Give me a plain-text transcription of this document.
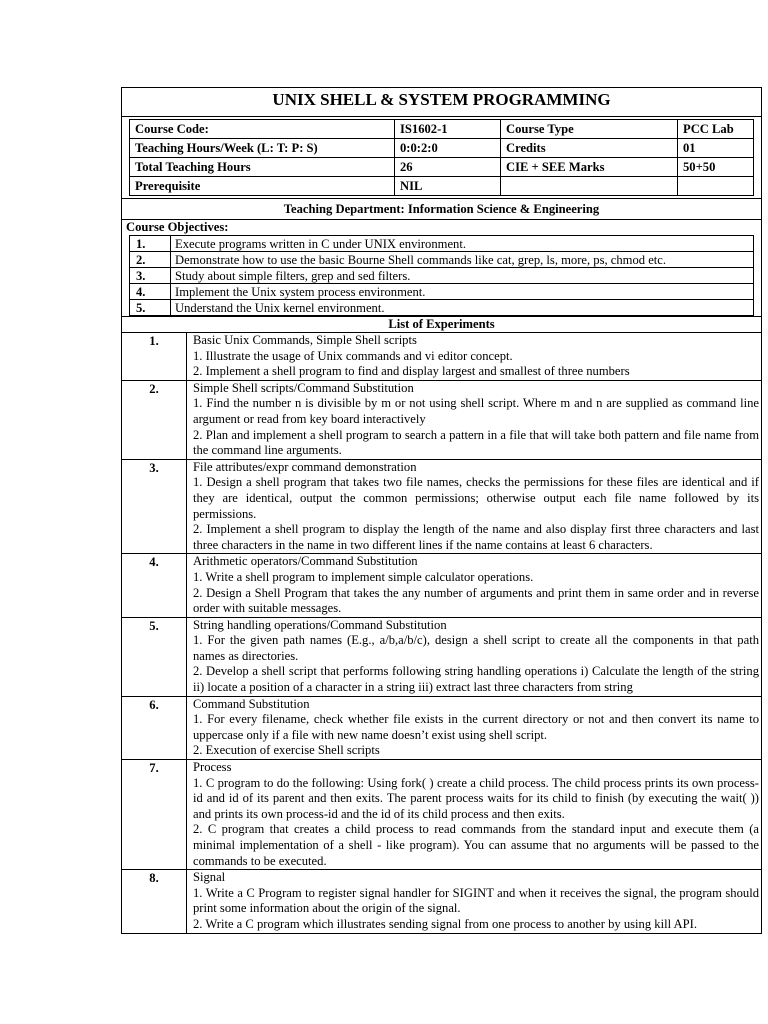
UNIX SHELL & SYSTEM PROGRAMMING
Course Code:	IS1602-1	Course Type	PCC Lab
Teaching Hours/Week (L: T: P: S)	0:0:2:0	Credits	01
Total Teaching Hours	26	CIE + SEE Marks	50+50
Prerequisite	NIL		
Teaching Department: Information Science & Engineering
Course Objectives:
1.	Execute programs written in C under UNIX environment.
2.	Demonstrate how to use the basic Bourne Shell commands like cat, grep, ls, more, ps, chmod etc.
3.	Study about simple filters, grep and sed filters.
4.	Implement the Unix system process environment.
5.	Understand the Unix kernel environment.
List of Experiments
1.	Basic Unix Commands, Simple Shell scripts
1. Illustrate the usage of Unix commands and vi editor concept.
2. Implement a shell program to find and display largest and smallest of three numbers

2.	Simple Shell scripts/Command Substitution
1. Find the number n is divisible by m or not using shell script. Where m and n are supplied as command line argument or read from key board interactively
2. Plan and implement a shell program to search a pattern in a file that will take both pattern and file name from the command line arguments.

3.	File attributes/expr command demonstration
1. Design a shell program that takes two file names, checks the permissions for these files are identical and if they are identical, output the common permissions; otherwise output each file name followed by its permissions.
2. Implement a shell program to display the length of the name and also display first three characters and last three characters in the name in two different lines if the name contains at least 6 characters.

4.	Arithmetic operators/Command Substitution
1. Write a shell program to implement simple calculator operations.
2. Design a Shell Program that takes the any number of arguments and print them in same order and in reverse order with suitable messages.

5.	String handling operations/Command Substitution
1. For the given path names (E.g., a/b,a/b/c), design a shell script to create all the components in that path names as directories.
2. Develop a shell script that performs following string handling operations i) Calculate the length of the string ii) locate a position of a character in a string iii) extract last three characters from string

6.	Command Substitution
1. For every filename, check whether file exists in the current directory or not and then convert its name to uppercase only if a file with new name doesn’t exist using shell script.
2. Execution of exercise Shell scripts

7.	Process
1. C program to do the following: Using fork( ) create a child process. The child process prints its own process-id and id of its parent and then exits. The parent process waits for its child to finish (by executing the wait( )) and prints its own process-id and the id of its child process and then exits.
2. C program that creates a child process to read commands from the standard input and execute them (a minimal implementation of a shell - like program). You can assume that no arguments will be passed to the commands to be executed.

8.	Signal
1. Write a C Program to register signal handler for SIGINT and when it receives the signal, the program should print some information about the origin of the signal.
2. Write a C program which illustrates sending signal from one process to another by using kill API.
